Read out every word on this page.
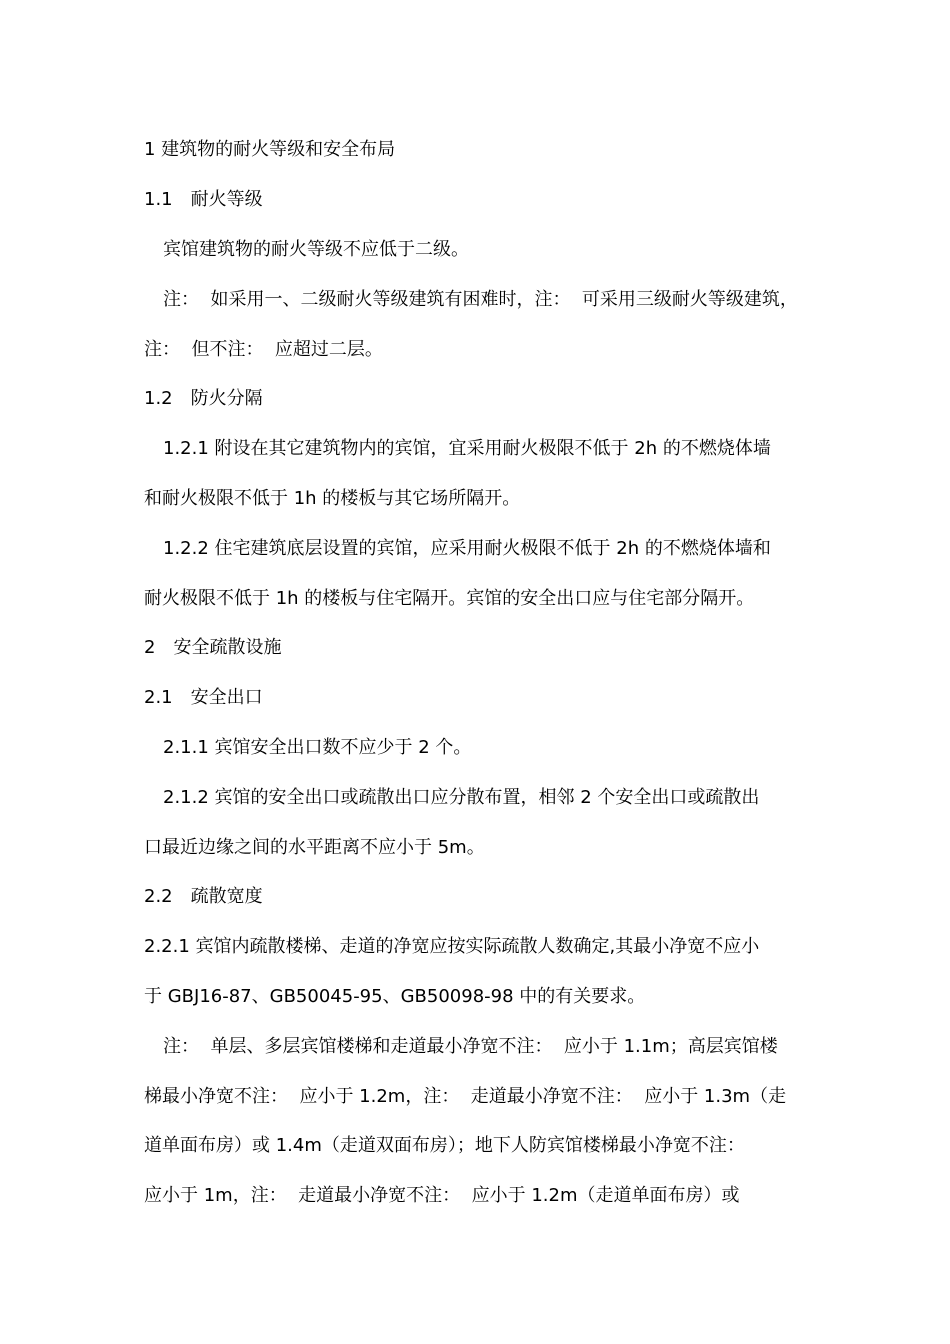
1 建筑物的耐火等级和安全布局

1.1　耐火等级

宾馆建筑物的耐火等级不应低于二级。

注：  如采用一、二级耐火等级建筑有困难时，注：  可采用三级耐火等级建筑，

注：  但不注：  应超过二层。

1.2　防火分隔

1.2.1 附设在其它建筑物内的宾馆，宜采用耐火极限不低于 2h 的不燃烧体墙

和耐火极限不低于 1h 的楼板与其它场所隔开。

1.2.2 住宅建筑底层设置的宾馆，应采用耐火极限不低于 2h 的不燃烧体墙和

耐火极限不低于 1h 的楼板与住宅隔开。宾馆的安全出口应与住宅部分隔开。

2　安全疏散设施

2.1　安全出口

2.1.1 宾馆安全出口数不应少于 2 个。

2.1.2 宾馆的安全出口或疏散出口应分散布置，相邻 2 个安全出口或疏散出

口最近边缘之间的水平距离不应小于 5m。

2.2　疏散宽度

2.2.1 宾馆内疏散楼梯、走道的净宽应按实际疏散人数确定,其最小净宽不应小

于 GBJ16-87、GB50045-95、GB50098-98 中的有关要求。

注：  单层、多层宾馆楼梯和走道最小净宽不注：  应小于 1.1m；高层宾馆楼

梯最小净宽不注：  应小于 1.2m，注：  走道最小净宽不注：  应小于 1.3m（走

道单面布房）或 1.4m（走道双面布房）；地下人防宾馆楼梯最小净宽不注：

应小于 1m，注：  走道最小净宽不注：  应小于 1.2m（走道单面布房）或
